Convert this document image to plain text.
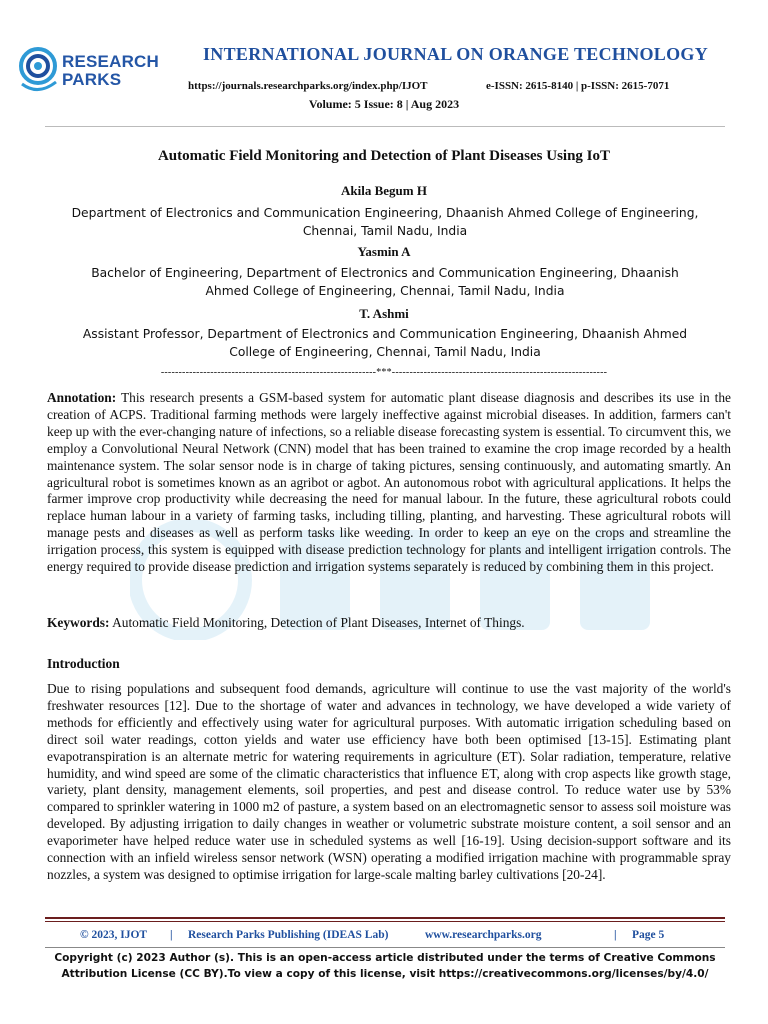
RESEARCH
PARKS
INTERNATIONAL JOURNAL ON ORANGE TECHNOLOGY
https://journals.researchparks.org/index.php/IJOT	e-ISSN: 2615-8140 | p-ISSN: 2615-7071
Volume: 5 Issue: 8 | Aug 2023
Automatic Field Monitoring and Detection of Plant Diseases Using IoT
Akila Begum H
Department of Electronics and Communication Engineering, Dhaanish Ahmed College of Engineering,
Chennai, Tamil Nadu, India
Yasmin A
Bachelor of Engineering, Department of Electronics and Communication Engineering, Dhaanish
Ahmed College of Engineering, Chennai, Tamil Nadu, India
T. Ashmi
Assistant Professor, Department of Electronics and Communication Engineering, Dhaanish Ahmed
College of Engineering, Chennai, Tamil Nadu, India
-------------------------------------------------------------***-------------------------------------------------------------
Annotation: This research presents a GSM-based system for automatic plant disease diagnosis and describes its use in the creation of ACPS. Traditional farming methods were largely ineffective against microbial diseases. In addition, farmers can't keep up with the ever-changing nature of infections, so a reliable disease forecasting system is essential. To circumvent this, we employ a Convolutional Neural Network (CNN) model that has been trained to examine the crop image recorded by a health maintenance system. The solar sensor node is in charge of taking pictures, sensing continuously, and automating smartly. An agricultural robot is sometimes known as an agribot or agbot. An autonomous robot with agricultural applications. It helps the farmer improve crop productivity while decreasing the need for manual labour. In the future, these agricultural robots could replace human labour in a variety of farming tasks, including tilling, planting, and harvesting. These agricultural robots will manage pests and diseases as well as perform tasks like weeding. In order to keep an eye on the crops and streamline the irrigation process, this system is equipped with disease prediction technology for plants and intelligent irrigation controls. The energy required to provide disease prediction and irrigation systems separately is reduced by combining them in this project.
Keywords: Automatic Field Monitoring, Detection of Plant Diseases, Internet of Things.
Introduction
Due to rising populations and subsequent food demands, agriculture will continue to use the vast majority of the world's freshwater resources [12]. Due to the shortage of water and advances in technology, we have developed a wide variety of methods for efficiently and effectively using water for agricultural purposes. With automatic irrigation scheduling based on direct soil water readings, cotton yields and water use efficiency have both been optimised [13-15]. Estimating plant evapotranspiration is an alternate metric for watering requirements in agriculture (ET). Solar radiation, temperature, relative humidity, and wind speed are some of the climatic characteristics that influence ET, along with crop aspects like growth stage, variety, plant density, management elements, soil properties, and pest and disease control. To reduce water use by 53% compared to sprinkler watering in 1000 m2 of pasture, a system based on an electromagnetic sensor to assess soil moisture was developed. By adjusting irrigation to daily changes in weather or volumetric substrate moisture content, a soil sensor and an evaporimeter have helped reduce water use in scheduled systems as well [16-19]. Using decision-support software and its connection with an infield wireless sensor network (WSN) operating a modified irrigation machine with programmable spray nozzles, a system was designed to optimise irrigation for large-scale malting barley cultivations [20-24].
© 2023, IJOT | Research Parks Publishing (IDEAS Lab)	www.researchparks.org	| Page 5
Copyright (c) 2023 Author (s). This is an open-access article distributed under the terms of Creative Commons
Attribution License (CC BY).To view a copy of this license, visit https://creativecommons.org/licenses/by/4.0/
